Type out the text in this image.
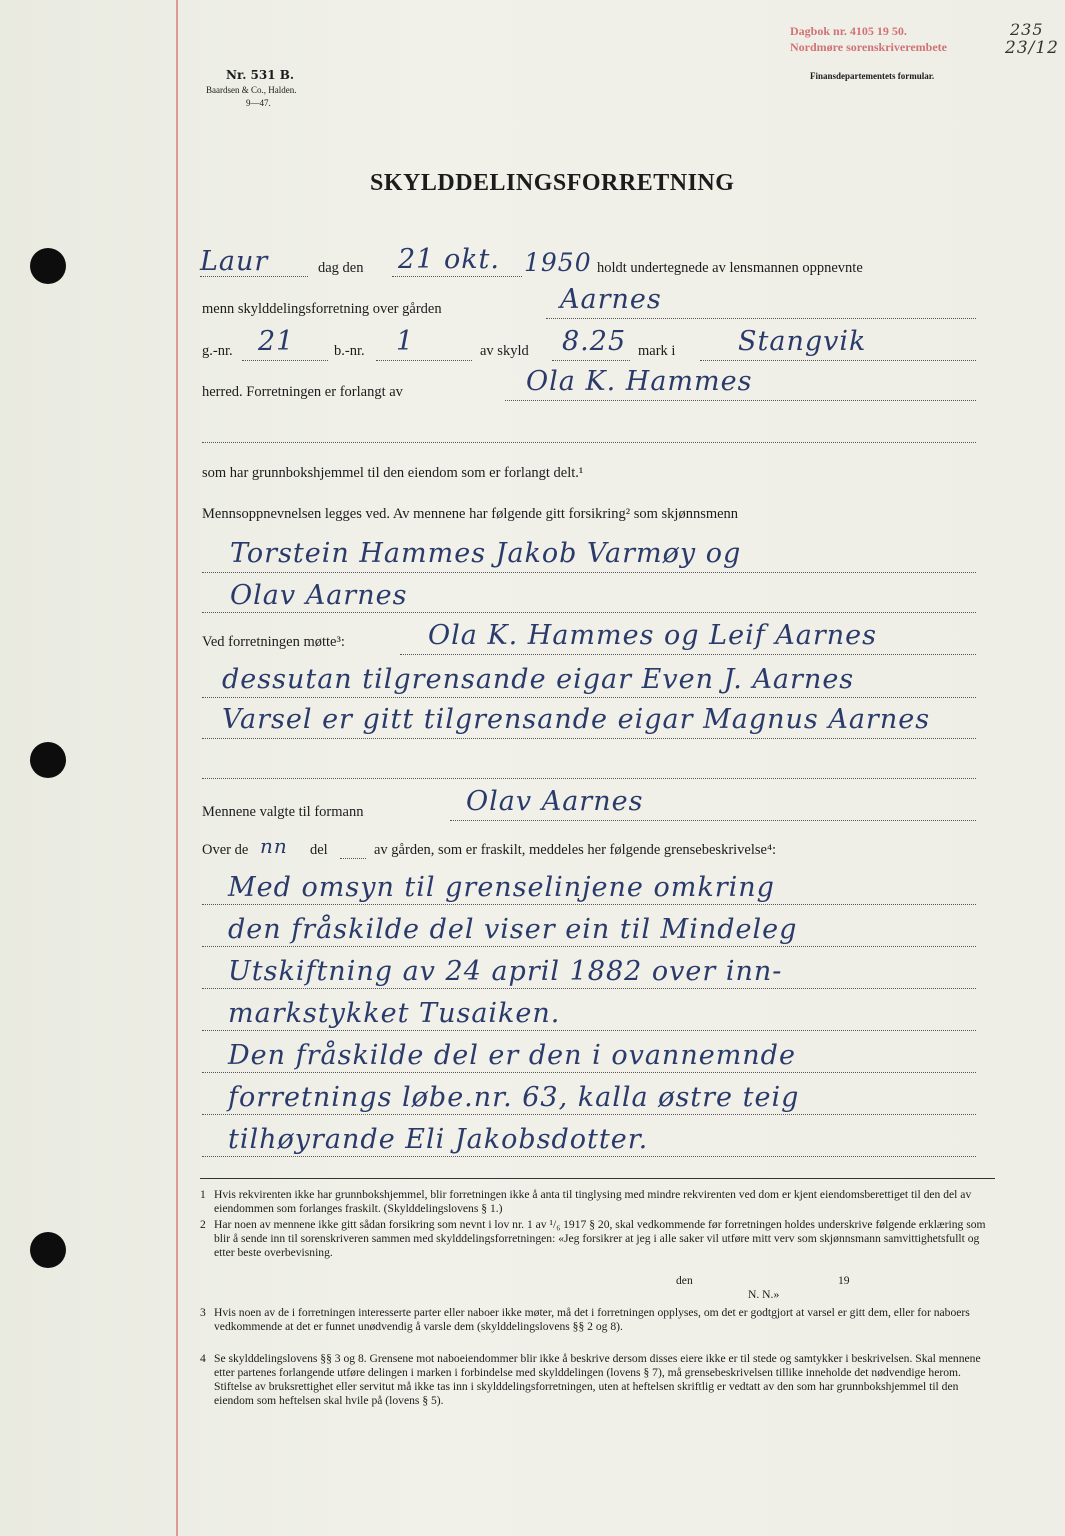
Nr. 531 B.
Baardsen & Co., Halden.
9—47.
Finansdepartementets formular.
Dagbok nr. 4105 19 50.
Nordmøre sorenskriverembete
235
23/12
SKYLDDELINGSFORRETNING
Laur	dag den 21 okt. 1950 holdt undertegnede av lensmannen oppnevnte
menn skylddelingsforretning over gården	Aarnes
g.-nr. 21	b.-nr. 1	av skyld 8.25 mark i Stangvik
herred. Forretningen er forlangt av	Ola K. Hammes
som har grunnbokshjemmel til den eiendom som er forlangt delt.¹
Mennsoppnevnelsen legges ved. Av mennene har følgende gitt forsikring² som skjønnsmenn
Torstein Hammes Jakob Varmøy og
Olav Aarnes
Ved forretningen møtte³:	Ola K. Hammes og Leif Aarnes
dessutan tilgrensande eigar Even J. Aarnes
Varsel er gitt tilgrensande eigar Magnus Aarnes
Mennene valgte til formann	Olav Aarnes
Over de nn del	av gården, som er fraskilt, meddeles her følgende grensebeskrivelse⁴:
Med omsyn til grenselinjene omkring
den fråskilde del viser ein til Mindeleg
Utskiftning av 24 april 1882 over inn-
markstykket Tusaiken.
Den fråskilde del er den i ovannemnde
forretnings løbe.nr. 63, kalla østre teig
tilhøyrande Eli Jakobsdotter.
1 Hvis rekvirenten ikke har grunnbokshjemmel, blir forretningen ikke å anta til tinglysing med mindre rekvirenten ved dom er kjent eiendomsberettiget til den del av eiendommen som forlanges fraskilt. (Skylddelingslovens § 1.)
2 Har noen av mennene ikke gitt sådan forsikring som nevnt i lov nr. 1 av ¹/₆ 1917 § 20, skal vedkommende før forretningen holdes underskrive følgende erklæring som blir å sende inn til sorenskriveren sammen med skylddelingsforretningen: «Jeg forsikrer at jeg i alle saker vil utføre mitt verv som skjønnsmann samvittighetsfullt og etter beste overbevisning.
den	19
N. N.»
3 Hvis noen av de i forretningen interesserte parter eller naboer ikke møter, må det i forretningen opplyses, om det er godtgjort at varsel er gitt dem, eller for naboers vedkommende at det er funnet unødvendig å varsle dem (skylddelingslovens §§ 2 og 8).
4 Se skylddelingslovens §§ 3 og 8. Grensene mot naboeiendommer blir ikke å beskrive dersom disses eiere ikke er til stede og samtykker i beskrivelsen. Skal mennene etter partenes forlangende utføre delingen i marken i forbindelse med skylddelingen (lovens § 7), må grensebeskrivelsen tillike inneholde det nødvendige herom. Stiftelse av bruksrettighet eller servitut må ikke tas inn i skylddelingsforretningen, uten at heftelsen skriftlig er vedtatt av den som har grunnbokshjemmel til den eiendom som heftelsen skal hvile på (lovens § 5).
